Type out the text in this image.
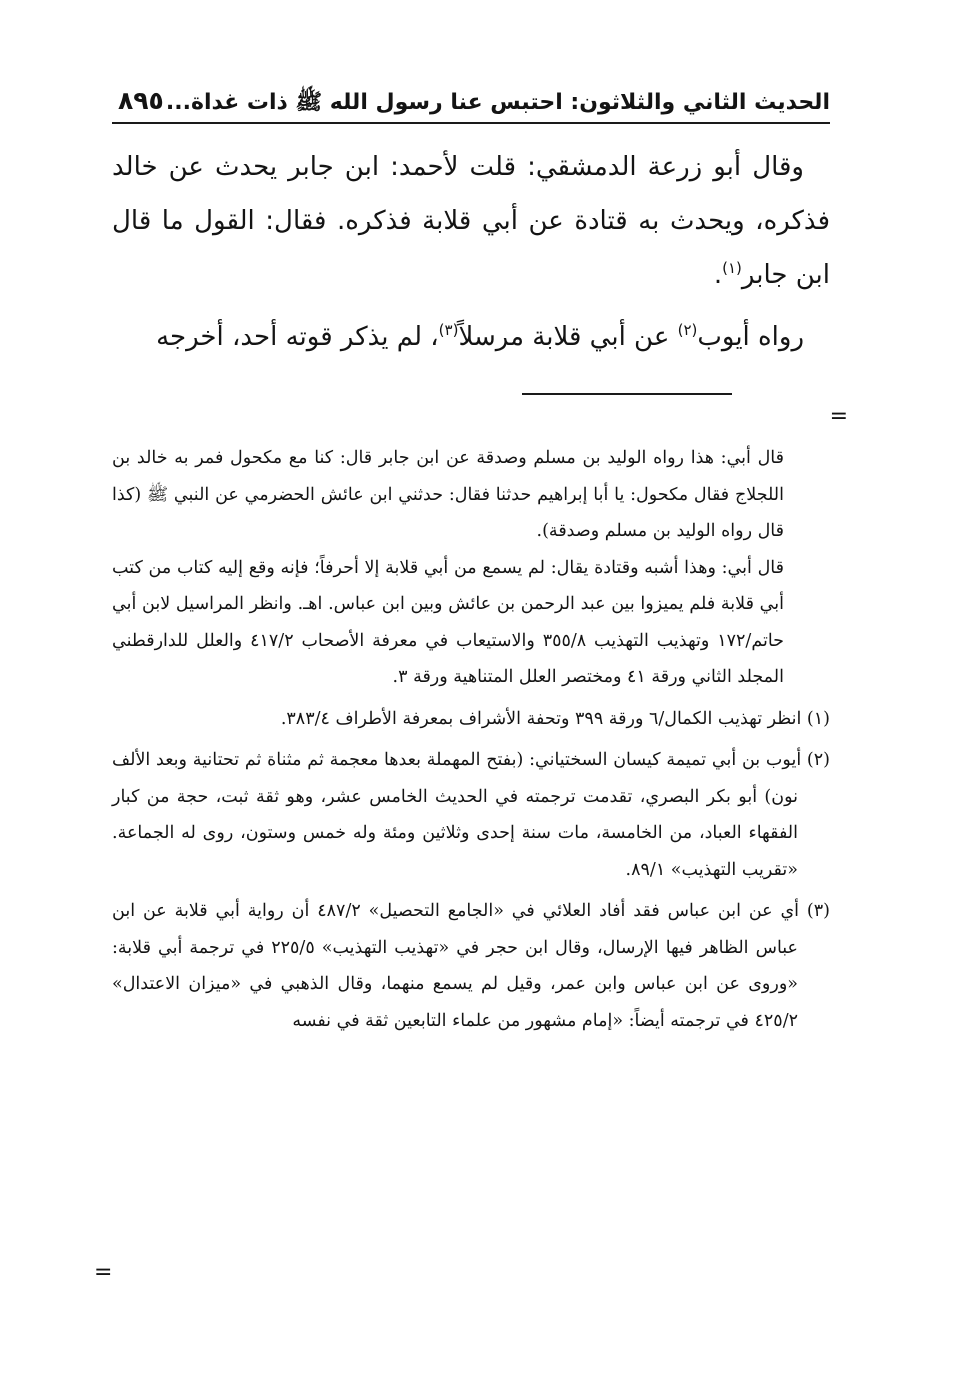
الحديث الثاني والثلاثون: احتبس عنا رسول الله ﷺ ذات غداة...
٨٩٥

وقال أبو زرعة الدمشقي: قلت لأحمد: ابن جابر يحدث عن خالد فذكره، ويحدث به قتادة عن أبي قلابة فذكره. فقال: القول ما قال ابن جابر$^{(١)}$.

رواه أيوب$^{(٢)}$ عن أبي قلابة مرسلاً$^{(٣)}$، لم يذكر قوته أحد، أخرجه

=

قال أبي: هذا رواه الوليد بن مسلم وصدقة عن ابن جابر قال: كنا مع مكحول فمر به خالد بن اللجلاج فقال مكحول: يا أبا إبراهيم حدثنا فقال: حدثني ابن عائش الحضرمي عن النبي ﷺ (كذا قال رواه الوليد بن مسلم وصدقة).

قال أبي: وهذا أشبه وقتادة يقال: لم يسمع من أبي قلابة إلا أحرفاً؛ فإنه وقع إليه كتاب من كتب أبي قلابة فلم يميزوا بين عبد الرحمن بن عائش وبين ابن عباس. اهـ. وانظر المراسيل لابن أبي حاتم/١٧٢ وتهذيب التهذيب ٣٥٥/٨ والاستيعاب في معرفة الأصحاب ٤١٧/٢ والعلل للدارقطني المجلد الثاني ورقة ٤١ ومختصر العلل المتناهية ورقة ٣.

(١) انظر تهذيب الكمال/٦ ورقة ٣٩٩ وتحفة الأشراف بمعرفة الأطراف ٣٨٣/٤.

(٢) أيوب بن أبي تميمة كيسان السختياني: (بفتح المهملة بعدها معجمة ثم مثناة ثم تحتانية وبعد الألف نون) أبو بكر البصري، تقدمت ترجمته في الحديث الخامس عشر، وهو ثقة ثبت، حجة من كبار الفقهاء العباد، من الخامسة، مات سنة إحدى وثلاثين ومئة وله خمس وستون، روى له الجماعة. «تقريب التهذيب» ٨٩/١.

(٣) أي عن ابن عباس فقد أفاد العلائي في «الجامع التحصيل» ٤٨٧/٢ أن رواية أبي قلابة عن ابن عباس الظاهر فيها الإرسال، وقال ابن حجر في «تهذيب التهذيب» ٢٢٥/٥ في ترجمة أبي قلابة: «وروى عن ابن عباس وابن عمر، وقيل لم يسمع منهما، وقال الذهبي في «ميزان الاعتدال» ٤٢٥/٢ في ترجمته أيضاً: «إمام مشهور من علماء التابعين ثقة في نفسه

=
